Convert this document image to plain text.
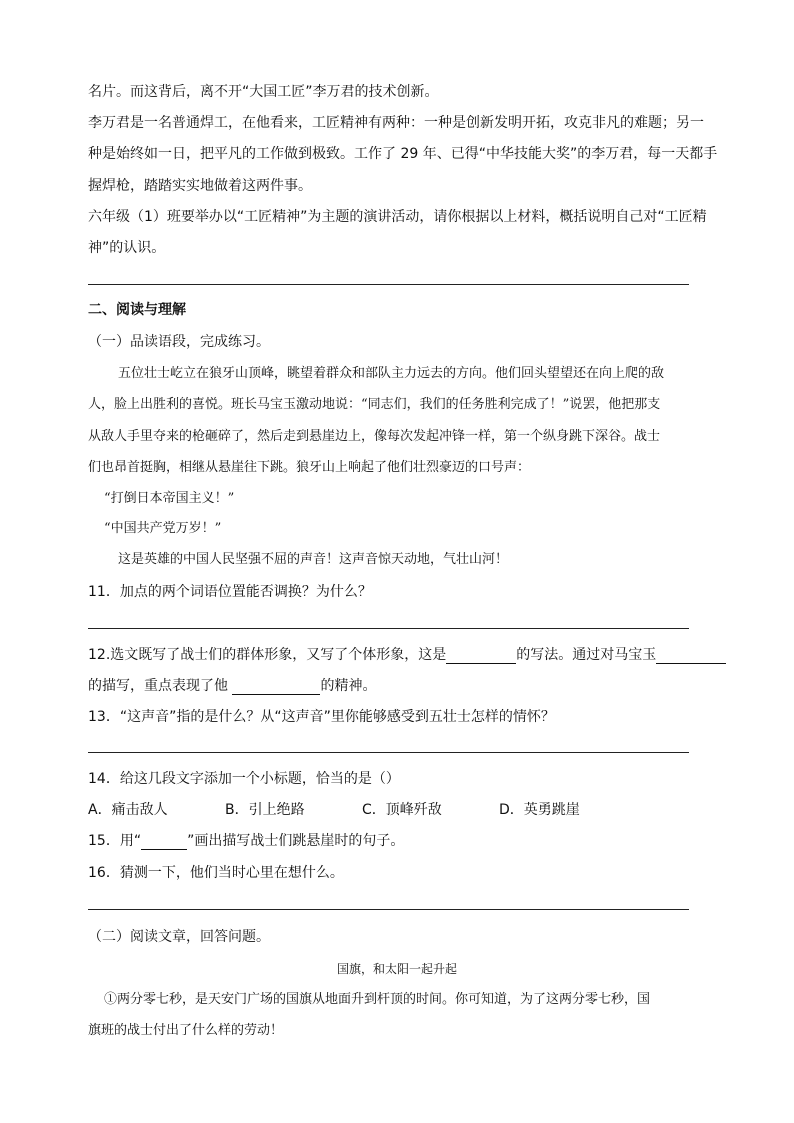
名片。而这背后，离不开“大国工匠”李万君的技术创新。
李万君是一名普通焊工，在他看来，工匠精神有两种：一种是创新发明开拓，攻克非凡的难题；另一
种是始终如一日，把平凡的工作做到极致。工作了 29 年、已得“中华技能大奖”的李万君，每一天都手
握焊枪，踏踏实实地做着这两件事。
六年级（1）班要举办以“工匠精神”为主题的演讲活动，请你根据以上材料，概括说明自己对“工匠精
神”的认识。
二、阅读与理解
（一）品读语段，完成练习。
五位壮士屹立在狼牙山顶峰，眺望着群众和部队主力远去的方向。他们回头望望还在向上爬的敌
人，脸上出胜利的喜悦。班长马宝玉激动地说：“同志们，我们的任务胜利完成了！”说罢，他把那支
从敌人手里夺来的枪砸碎了，然后走到悬崖边上，像每次发起冲锋一样，第一个纵身跳下深谷。战士
们也昂首挺胸，相继从悬崖往下跳。狼牙山上响起了他们壮烈豪迈的口号声：
“打倒日本帝国主义！”
“中国共产党万岁！”
这是英雄的中国人民坚强不屈的声音！这声音惊天动地，气壮山河！
11．加点的两个词语位置能否调换？为什么？
12.选文既写了战士们的群体形象，又写了个体形象，这是	的写法。通过对马宝玉
的描写，重点表现了他	的精神。
13．“这声音”指的是什么？从“这声音”里你能够感受到五壮士怎样的情怀？
14．给这几段文字添加一个小标题，恰当的是（）
A．痛击敌人	B．引上绝路	C．顶峰歼敌	D．英勇跳崖
15．用“	”画出描写战士们跳悬崖时的句子。
16．猜测一下，他们当时心里在想什么。
（二）阅读文章，回答问题。
国旗，和太阳一起升起
①两分零七秒，是天安门广场的国旗从地面升到杆顶的时间。你可知道，为了这两分零七秒，国
旗班的战士付出了什么样的劳动！
